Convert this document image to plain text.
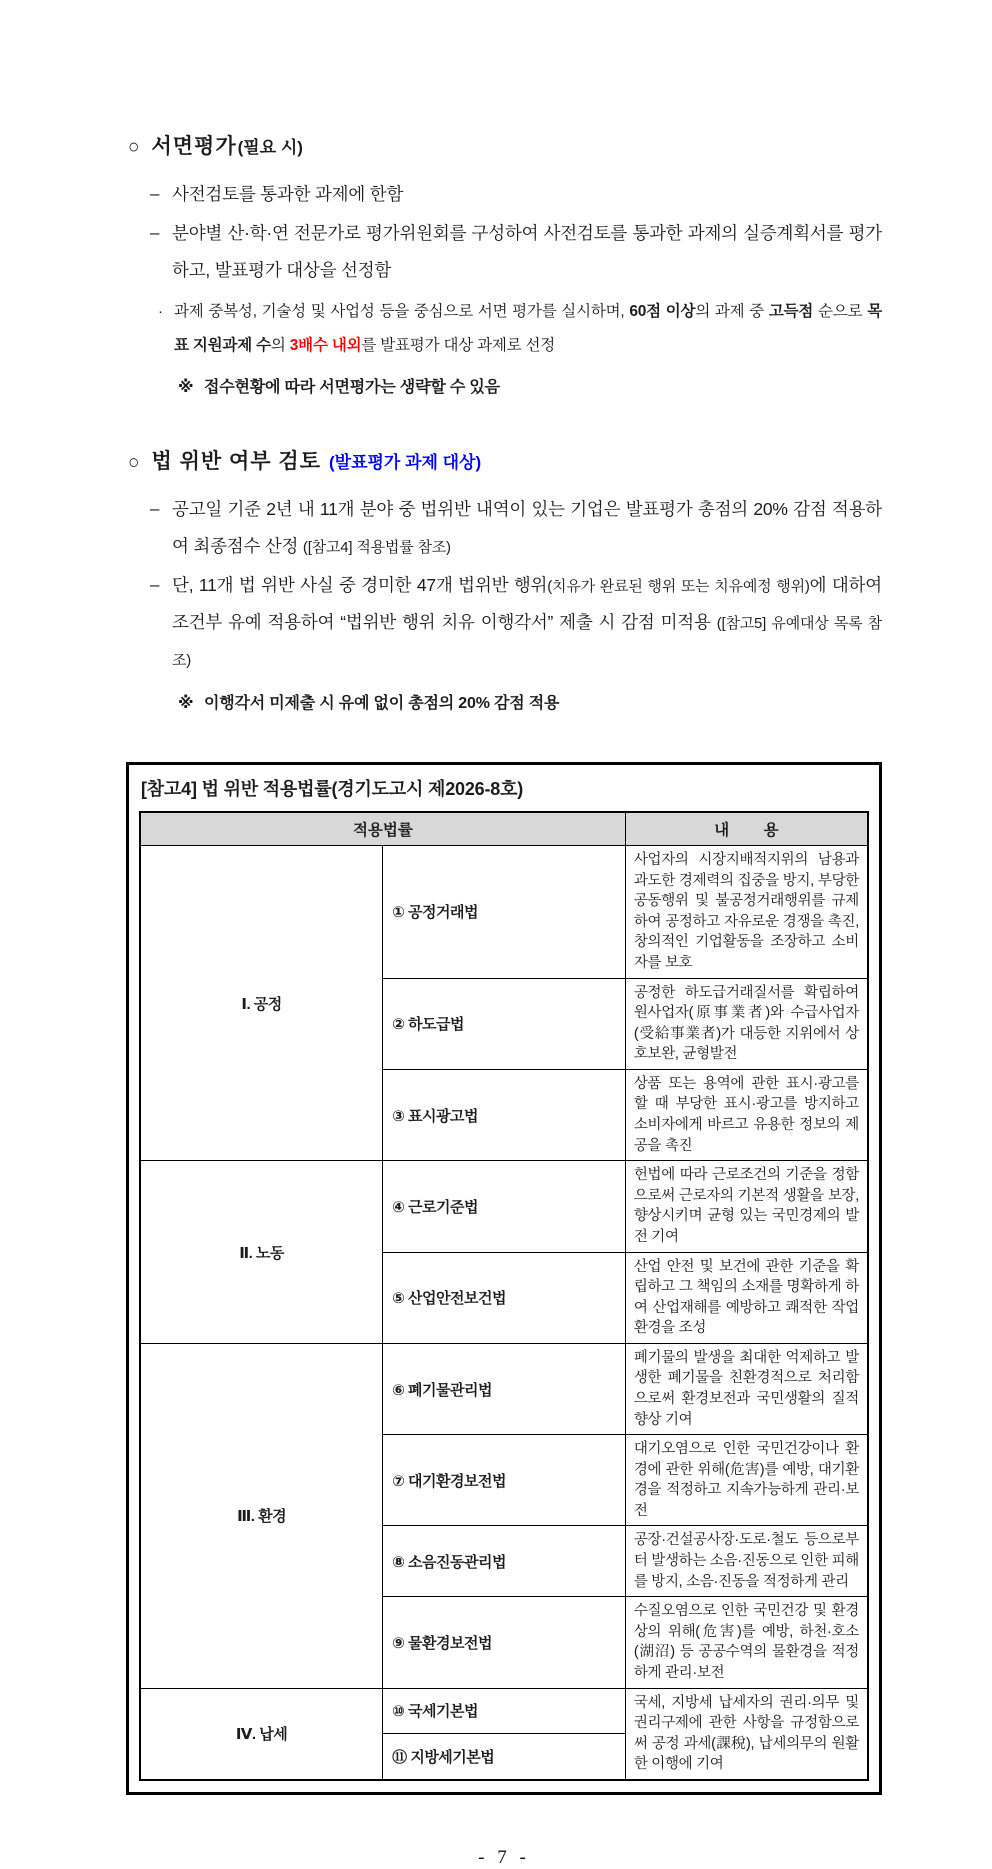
○ 서면평가 (필요 시)
– 사전검토를 통과한 과제에 한함

– 분야별 산·학·연 전문가로 평가위원회를 구성하여 사전검토를 통과한 과제의 실증계획서를 평가하고, 발표평가 대상을 선정함

· 과제 중복성, 기술성 및 사업성 등을 중심으로 서면 평가를 실시하며, 60점 이상의 과제 중 고득점 순으로 목표 지원과제 수의 3배수 내외를 발표평가 대상 과제로 선정

※ 접수현황에 따라 서면평가는 생략할 수 있음

○ 법 위반 여부 검토 (발표평가 과제 대상)
– 공고일 기준 2년 내 11개 분야 중 법위반 내역이 있는 기업은 발표평가 총점의 20% 감점 적용하여 최종점수 산정 ([참고4] 적용법률 참조)

– 단, 11개 법 위반 사실 중 경미한 47개 법위반 행위(치유가 완료된 행위 또는 치유예정 행위)에 대하여 조건부 유예 적용하여 “법위반 행위 치유 이행각서” 제출 시 감점 미적용 ([참고5] 유예대상 목록 참조)

※ 이행각서 미제출 시 유예 없이 총점의 20% 감점 적용

[참고4] 법 위반 적용법률(경기도고시 제2026-8호)
적용법률		내        용
Ⅰ. 공정	① 공정거래법	사업자의 시장지배적지위의 남용과 과도한 경제력의 집중을 방지, 부당한 공동행위 및 불공정거래행위를 규제하여 공정하고 자유로운 경쟁을 촉진, 창의적인 기업활동을 조장하고 소비자를 보호
	② 하도급법	공정한 하도급거래질서를 확립하여 원사업자(原事業者)와 수급사업자(受給事業者)가 대등한 지위에서 상호보완, 균형발전
	③ 표시광고법	상품 또는 용역에 관한 표시·광고를 할 때 부당한 표시·광고를 방지하고 소비자에게 바르고 유용한 정보의 제공을 촉진
Ⅱ. 노동	④ 근로기준법	헌법에 따라 근로조건의 기준을 정함으로써 근로자의 기본적 생활을 보장, 향상시키며 균형 있는 국민경제의 발전 기여
	⑤ 산업안전보건법	산업 안전 및 보건에 관한 기준을 확립하고 그 책임의 소재를 명확하게 하여 산업재해를 예방하고 쾌적한 작업환경을 조성
Ⅲ. 환경	⑥ 폐기물관리법	폐기물의 발생을 최대한 억제하고 발생한 폐기물을 친환경적으로 처리함으로써 환경보전과 국민생활의 질적 향상 기여
	⑦ 대기환경보전법	대기오염으로 인한 국민건강이나 환경에 관한 위해(危害)를 예방, 대기환경을 적정하고 지속가능하게 관리·보전
	⑧ 소음진동관리법	공장·건설공사장·도로·철도 등으로부터 발생하는 소음·진동으로 인한 피해를 방지, 소음·진동을 적정하게 관리
	⑨ 물환경보전법	수질오염으로 인한 국민건강 및 환경상의 위해(危害)를 예방, 하천·호소(湖沼) 등 공공수역의 물환경을 적정하게 관리·보전
Ⅳ. 납세	⑩ 국세기본법	국세, 지방세 납세자의 권리·의무 및 권리구제에 관한 사항을 규정함으로써 공정 과세(課稅), 납세의무의 원활한 이행에 기여
	⑪ 지방세기본법	
- 7 -
